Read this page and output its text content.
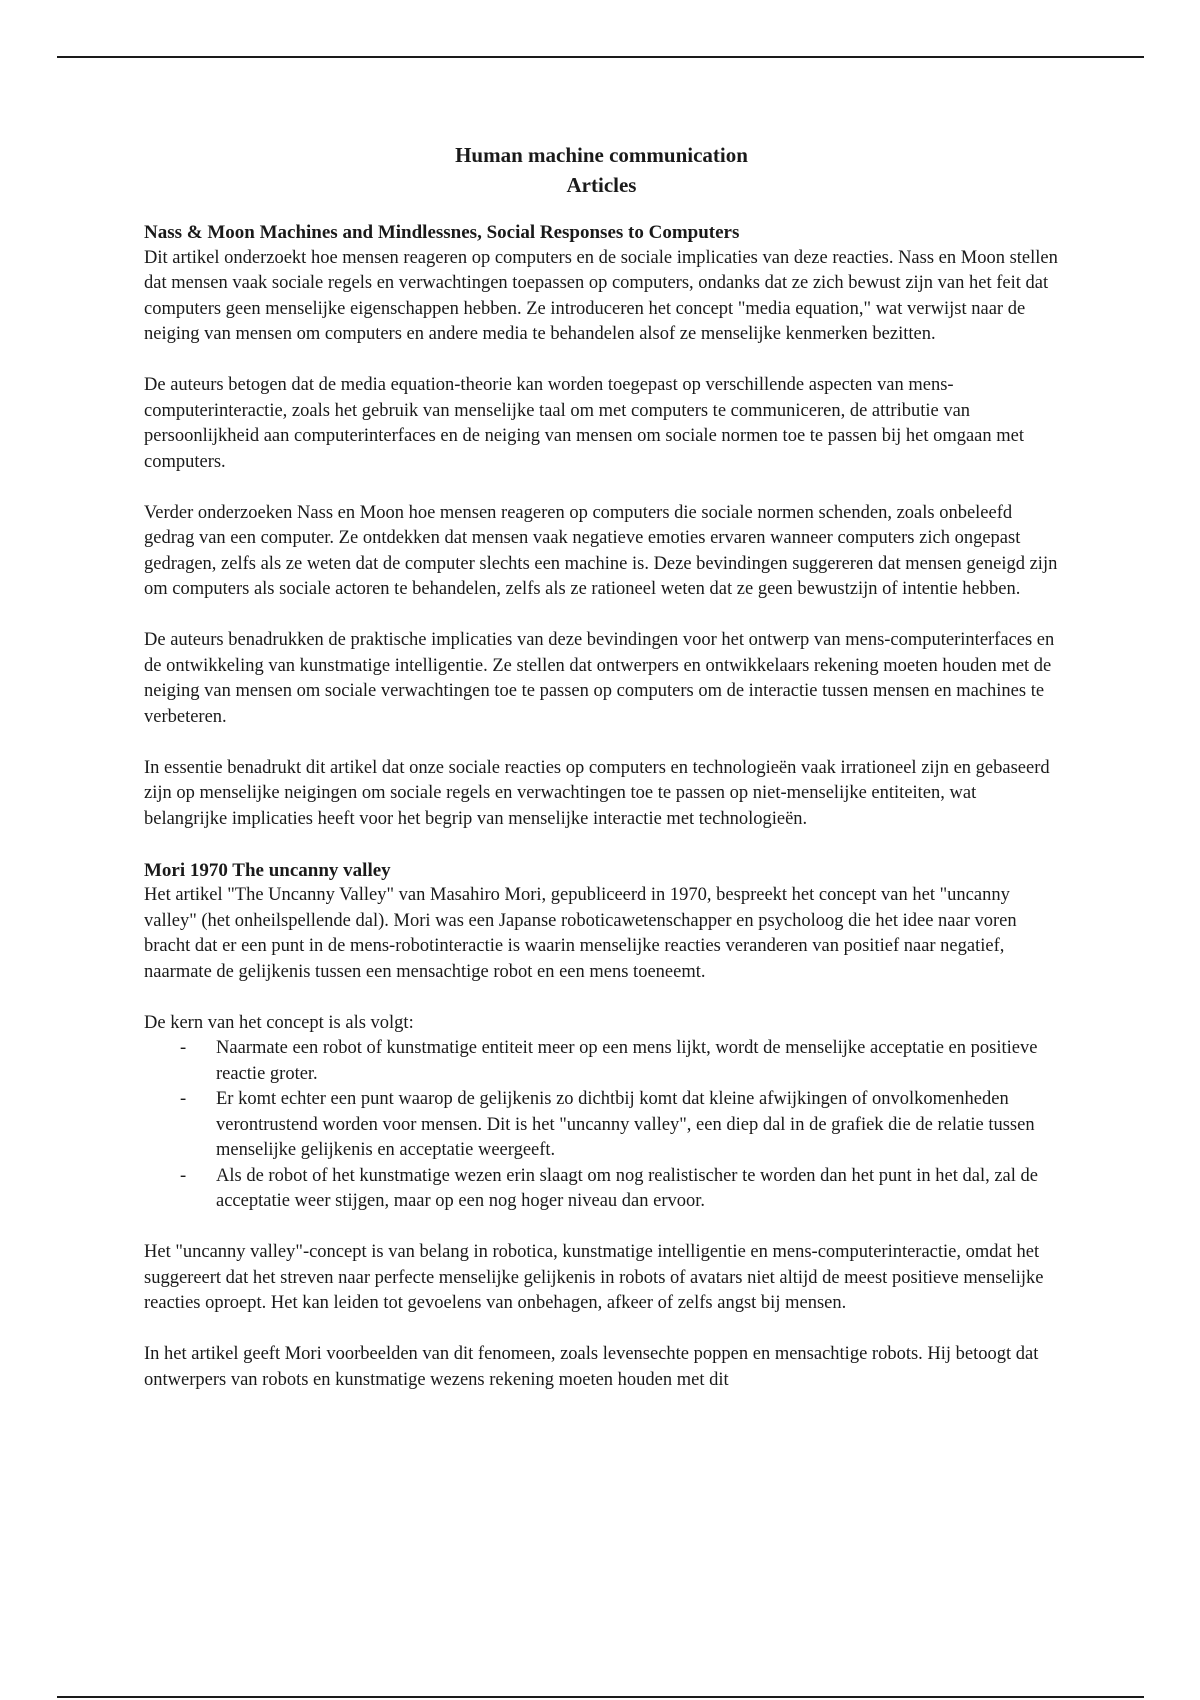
Human machine communication
Articles
Nass & Moon Machines and Mindlessnes, Social Responses to Computers

Dit artikel onderzoekt hoe mensen reageren op computers en de sociale implicaties van deze reacties. Nass en Moon stellen dat mensen vaak sociale regels en verwachtingen toepassen op computers, ondanks dat ze zich bewust zijn van het feit dat computers geen menselijke eigenschappen hebben. Ze introduceren het concept "media equation," wat verwijst naar de neiging van mensen om computers en andere media te behandelen alsof ze menselijke kenmerken bezitten.

De auteurs betogen dat de media equation-theorie kan worden toegepast op verschillende aspecten van mens-computerinteractie, zoals het gebruik van menselijke taal om met computers te communiceren, de attributie van persoonlijkheid aan computerinterfaces en de neiging van mensen om sociale normen toe te passen bij het omgaan met computers.

Verder onderzoeken Nass en Moon hoe mensen reageren op computers die sociale normen schenden, zoals onbeleefd gedrag van een computer. Ze ontdekken dat mensen vaak negatieve emoties ervaren wanneer computers zich ongepast gedragen, zelfs als ze weten dat de computer slechts een machine is. Deze bevindingen suggereren dat mensen geneigd zijn om computers als sociale actoren te behandelen, zelfs als ze rationeel weten dat ze geen bewustzijn of intentie hebben.

De auteurs benadrukken de praktische implicaties van deze bevindingen voor het ontwerp van mens-computerinterfaces en de ontwikkeling van kunstmatige intelligentie. Ze stellen dat ontwerpers en ontwikkelaars rekening moeten houden met de neiging van mensen om sociale verwachtingen toe te passen op computers om de interactie tussen mensen en machines te verbeteren.

In essentie benadrukt dit artikel dat onze sociale reacties op computers en technologieën vaak irrationeel zijn en gebaseerd zijn op menselijke neigingen om sociale regels en verwachtingen toe te passen op niet-menselijke entiteiten, wat belangrijke implicaties heeft voor het begrip van menselijke interactie met technologieën.

Mori 1970 The uncanny valley

Het artikel "The Uncanny Valley" van Masahiro Mori, gepubliceerd in 1970, bespreekt het concept van het "uncanny valley" (het onheilspellende dal). Mori was een Japanse roboticawetenschapper en psycholoog die het idee naar voren bracht dat er een punt in de mens-robotinteractie is waarin menselijke reacties veranderen van positief naar negatief, naarmate de gelijkenis tussen een mensachtige robot en een mens toeneemt.

De kern van het concept is als volgt:

- Naarmate een robot of kunstmatige entiteit meer op een mens lijkt, wordt de menselijke acceptatie en positieve reactie groter.
- Er komt echter een punt waarop de gelijkenis zo dichtbij komt dat kleine afwijkingen of onvolkomenheden verontrustend worden voor mensen. Dit is het "uncanny valley", een diep dal in de grafiek die de relatie tussen menselijke gelijkenis en acceptatie weergeeft.
- Als de robot of het kunstmatige wezen erin slaagt om nog realistischer te worden dan het punt in het dal, zal de acceptatie weer stijgen, maar op een nog hoger niveau dan ervoor.

Het "uncanny valley"-concept is van belang in robotica, kunstmatige intelligentie en mens-computerinteractie, omdat het suggereert dat het streven naar perfecte menselijke gelijkenis in robots of avatars niet altijd de meest positieve menselijke reacties oproept. Het kan leiden tot gevoelens van onbehagen, afkeer of zelfs angst bij mensen.

In het artikel geeft Mori voorbeelden van dit fenomeen, zoals levensechte poppen en mensachtige robots. Hij betoogt dat ontwerpers van robots en kunstmatige wezens rekening moeten houden met dit
